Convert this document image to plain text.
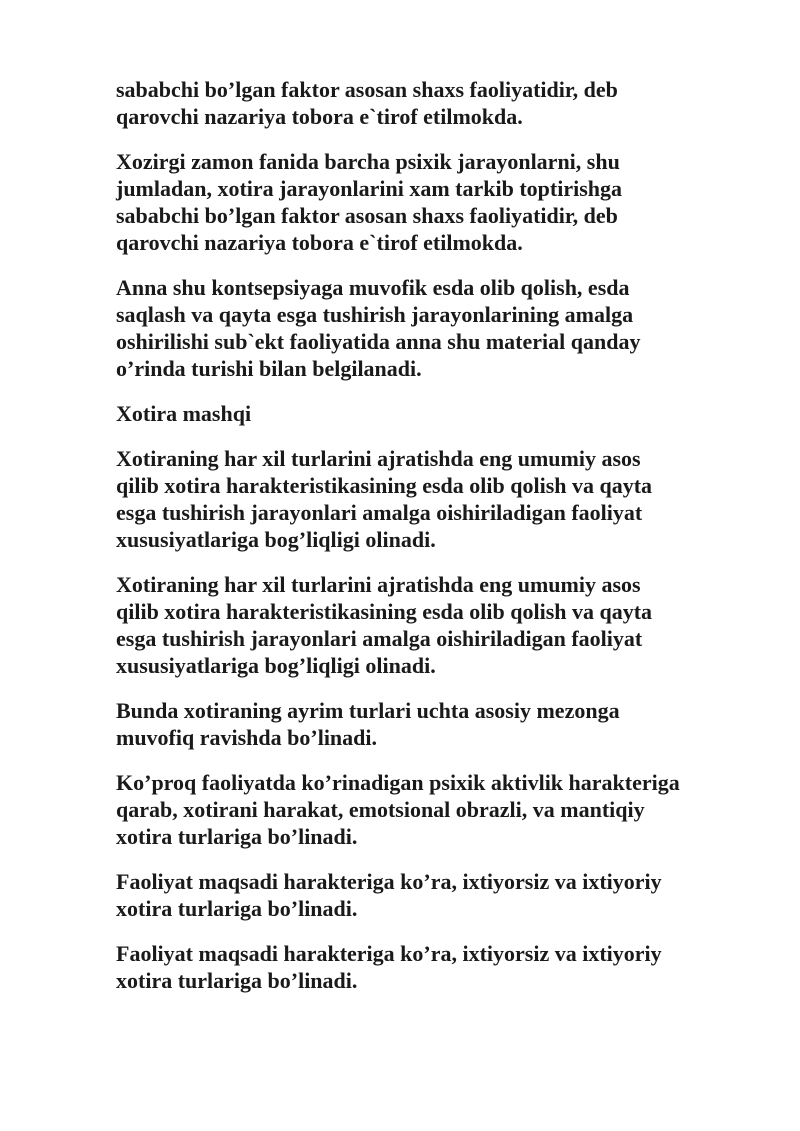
sababchi bo’lgan faktor asosan shaxs faoliyatidir, deb
qarovchi nazariya tobora e`tirof etilmokda.

Xozirgi zamon fanida barcha psixik jarayonlarni, shu
jumladan, xotira jarayonlarini xam tarkib toptirishga
sababchi bo’lgan faktor asosan shaxs faoliyatidir, deb
qarovchi nazariya tobora e`tirof etilmokda.

Anna shu kontsepsiyaga muvofik esda olib qolish, esda
saqlash va qayta esga tushirish jarayonlarining amalga
oshirilishi sub`ekt faoliyatida anna shu material qanday
o’rinda turishi bilan belgilanadi.

Xotira mashqi

Xotiraning har xil turlarini ajratishda eng umumiy asos
qilib xotira harakteristikasining esda olib qolish va qayta
esga tushirish jarayonlari amalga oishiriladigan faoliyat
xususiyatlariga bog’liqligi olinadi.

Xotiraning har xil turlarini ajratishda eng umumiy asos
qilib xotira harakteristikasining esda olib qolish va qayta
esga tushirish jarayonlari amalga oishiriladigan faoliyat
xususiyatlariga bog’liqligi olinadi.

Bunda xotiraning ayrim turlari uchta asosiy mezonga
muvofiq ravishda bo’linadi.

Ko’proq faoliyatda ko’rinadigan psixik aktivlik harakteriga
qarab, xotirani harakat, emotsional obrazli, va mantiqiy
xotira turlariga bo’linadi.

Faoliyat maqsadi harakteriga ko’ra, ixtiyorsiz va ixtiyoriy
xotira turlariga bo’linadi.

Faoliyat maqsadi harakteriga ko’ra, ixtiyorsiz va ixtiyoriy
xotira turlariga bo’linadi.
